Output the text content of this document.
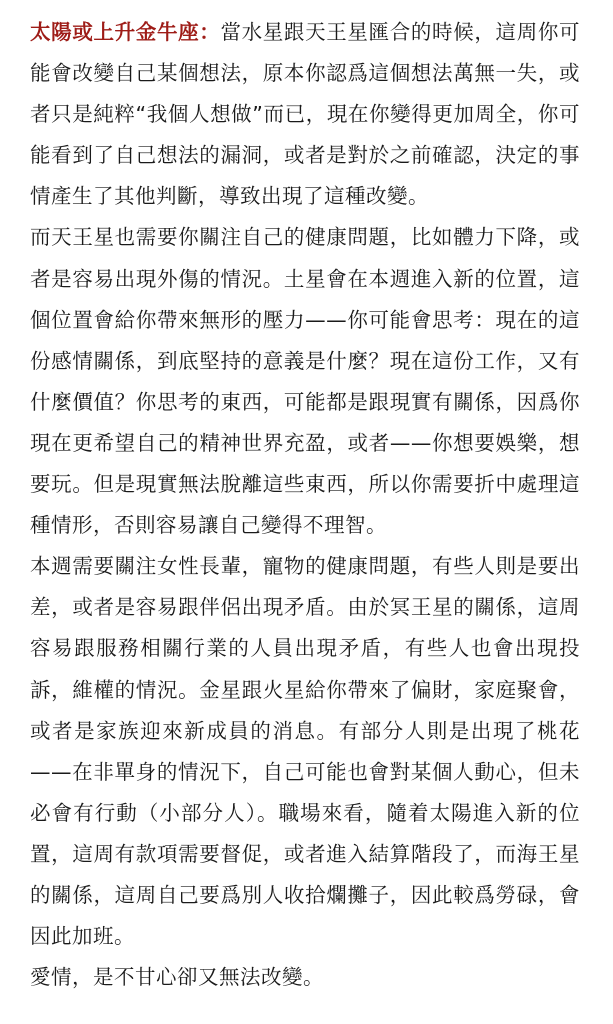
太陽或上升金牛座：當水星跟天王星匯合的時候，這周你可能會改變自己某個想法，原本你認爲這個想法萬無一失，或者只是純粹“我個人想做”而已，現在你變得更加周全，你可能看到了自己想法的漏洞，或者是對於之前確認，決定的事情產生了其他判斷，導致出現了這種改變。

而天王星也需要你關注自己的健康問題，比如體力下降，或者是容易出現外傷的情況。土星會在本週進入新的位置，這個位置會給你帶來無形的壓力——你可能會思考：現在的這份感情關係，到底堅持的意義是什麼？現在這份工作，又有什麼價值？你思考的東西，可能都是跟現實有關係，因爲你現在更希望自己的精神世界充盈，或者——你想要娛樂，想要玩。但是現實無法脫離這些東西，所以你需要折中處理這種情形，否則容易讓自己變得不理智。

本週需要關注女性長輩，寵物的健康問題，有些人則是要出差，或者是容易跟伴侶出現矛盾。由於冥王星的關係，這周容易跟服務相關行業的人員出現矛盾，有些人也會出現投訴，維權的情況。金星跟火星給你帶來了偏財，家庭聚會，或者是家族迎來新成員的消息。有部分人則是出現了桃花——在非單身的情況下，自己可能也會對某個人動心，但未必會有行動（小部分人）。職場來看，隨着太陽進入新的位置，這周有款項需要督促，或者進入結算階段了，而海王星的關係，這周自己要爲別人收拾爛攤子，因此較爲勞碌，會因此加班。

愛情，是不甘心卻又無法改變。
